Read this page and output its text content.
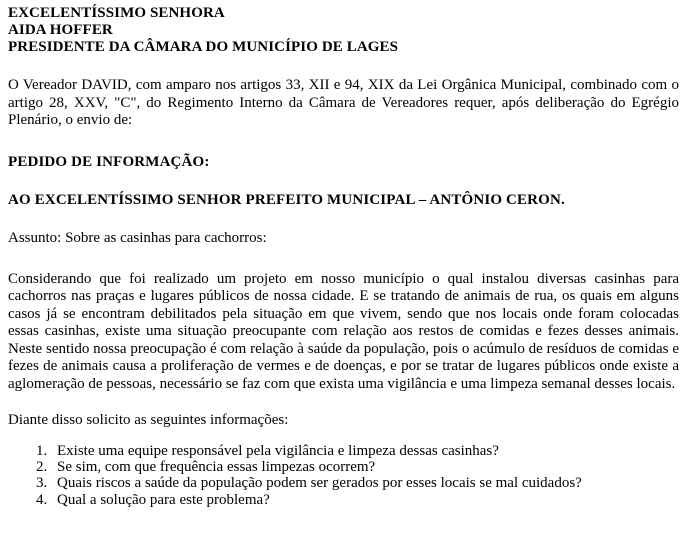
EXCELENTÍSSIMO SENHORA
AIDA HOFFER
PRESIDENTE DA CÂMARA DO MUNICÍPIO DE LAGES

O Vereador DAVID, com amparo nos artigos 33, XII e 94, XIX da Lei Orgânica Municipal, combinado com o artigo 28, XXV, "C", do Regimento Interno da Câmara de Vereadores requer, após deliberação do Egrégio Plenário, o envio de:

PEDIDO DE INFORMAÇÃO:

AO EXCELENTÍSSIMO SENHOR PREFEITO MUNICIPAL – ANTÔNIO CERON.

Assunto: Sobre as casinhas para cachorros:

Considerando que foi realizado um projeto em nosso município o qual instalou diversas casinhas para cachorros nas praças e lugares públicos de nossa cidade. E se tratando de animais de rua, os quais em alguns casos já se encontram debilitados pela situação em que vivem, sendo que nos locais onde foram colocadas essas casinhas, existe uma situação preocupante com relação aos restos de comidas e fezes desses animais. Neste sentido nossa preocupação é com relação à saúde da população, pois o acúmulo de resíduos de comidas e fezes de animais causa a proliferação de vermes e de doenças, e por se tratar de lugares públicos onde existe a aglomeração de pessoas, necessário se faz com que exista uma vigilância e uma limpeza semanal desses locais.

Diante disso solicito as seguintes informações:

Existe uma equipe responsável pela vigilância e limpeza dessas casinhas?
Se sim, com que frequência essas limpezas ocorrem?
Quais riscos a saúde da população podem ser gerados por esses locais se mal cuidados?
Qual a solução para este problema?
